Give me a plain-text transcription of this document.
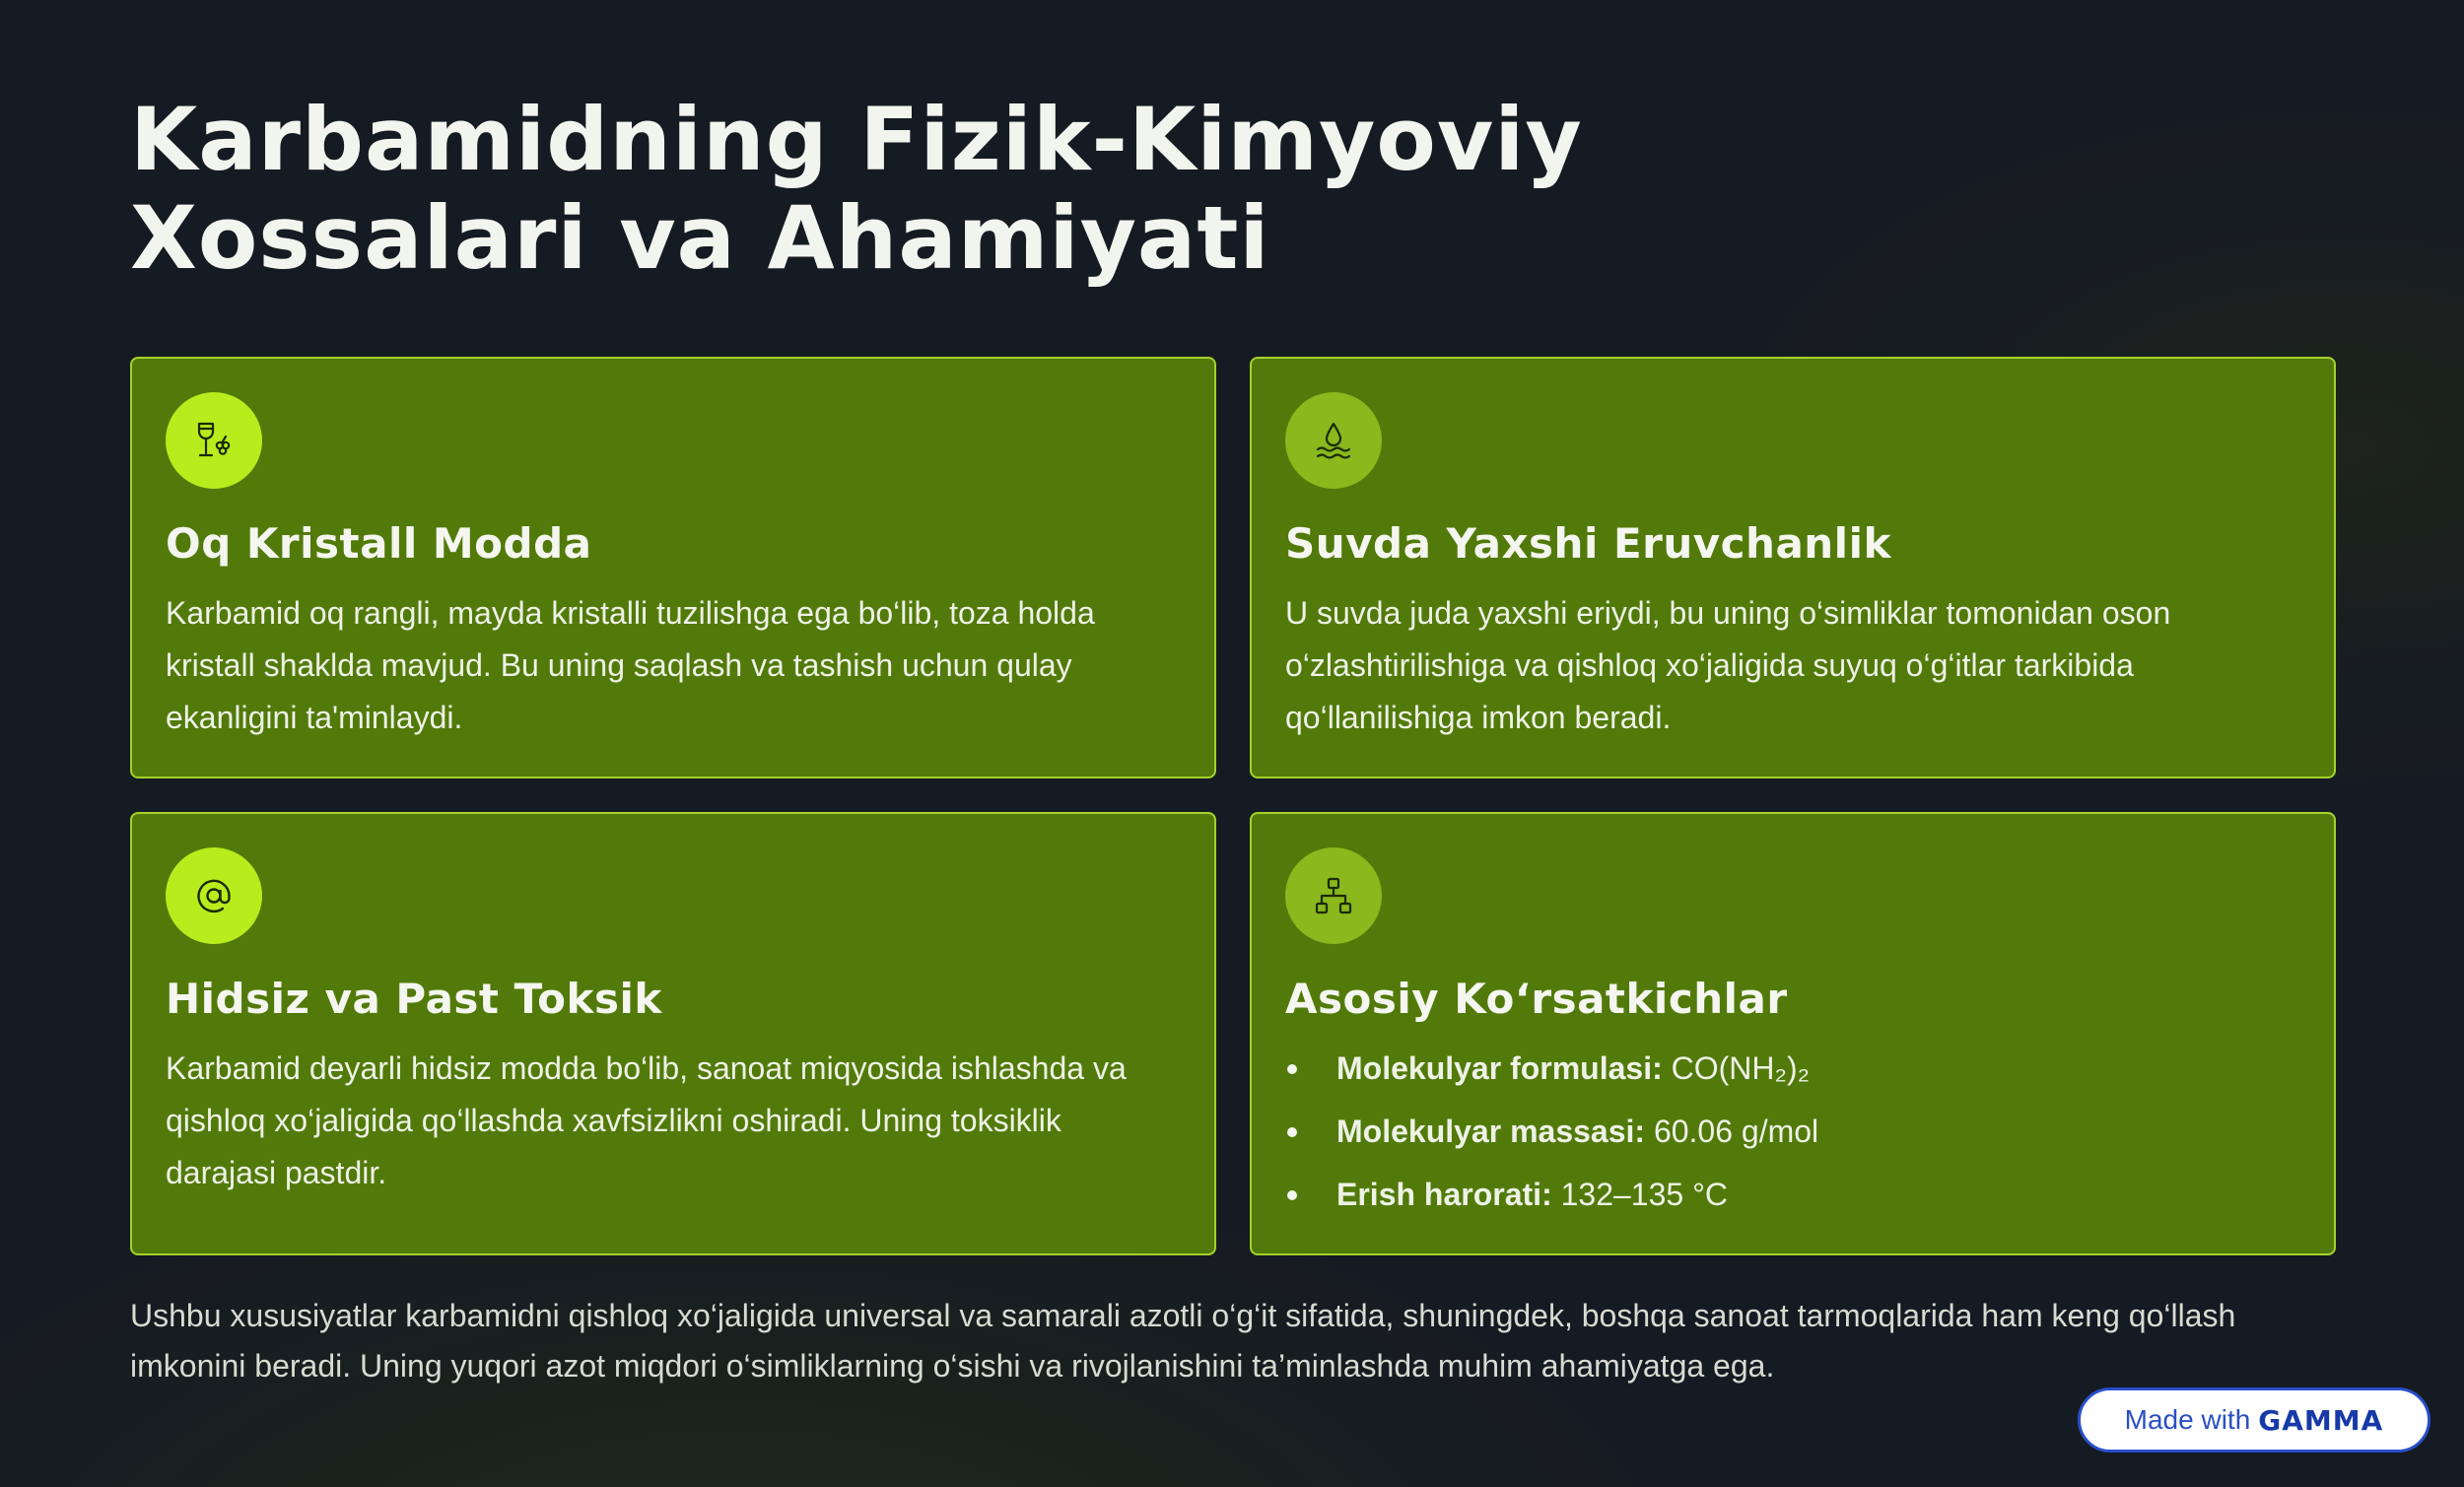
Karbamidning Fizik-Kimyoviy
Xossalari va Ahamiyati
Oq Kristall Modda

Karbamid oq rangli, mayda kristalli tuzilishga ega bo‘lib, toza holda kristall shaklda mavjud. Bu uning saqlash va tashish uchun qulay ekanligini ta'minlaydi.

Suvda Yaxshi Eruvchanlik

U suvda juda yaxshi eriydi, bu uning o‘simliklar tomonidan oson o‘zlashtirilishiga va qishloq xo‘jaligida suyuq o‘g‘itlar tarkibida qo‘llanilishiga imkon beradi.

Hidsiz va Past Toksik

Karbamid deyarli hidsiz modda bo‘lib, sanoat miqyosida ishlashda va qishloq xo‘jaligida qo‘llashda xavfsizlikni oshiradi. Uning toksiklik darajasi pastdir.

Asosiy Ko‘rsatkichlar
Molekulyar formulasi: CO(NH₂)₂
Molekulyar massasi: 60.06 g/mol
Erish harorati: 132–135 °C

Ushbu xususiyatlar karbamidni qishloq xo‘jaligida universal va samarali azotli o‘g‘it sifatida, shuningdek, boshqa sanoat tarmoqlarida ham keng qo‘llash imkonini beradi. Uning yuqori azot miqdori o‘simliklarning o‘sishi va rivojlanishini ta’minlashda muhim ahamiyatga ega.

Made with GAMMA
